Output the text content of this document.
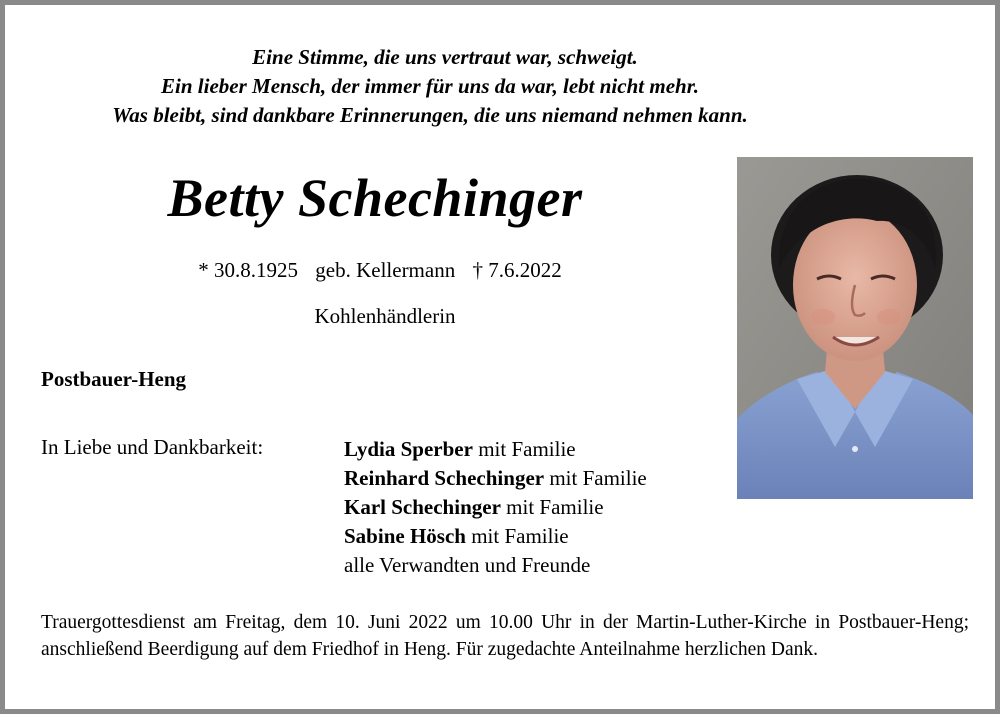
Eine Stimme, die uns vertraut war, schweigt.
Ein lieber Mensch, der immer für uns da war, lebt nicht mehr.
Was bleibt, sind dankbare Erinnerungen, die uns niemand nehmen kann.
Betty Schechinger
* 30.8.1925 geb. Kellermann † 7.6.2022
Kohlenhändlerin
Postbauer-Heng
In Liebe und Dankbarkeit:	Lydia Sperber mit Familie
Reinhard Schechinger mit Familie
Karl Schechinger mit Familie
Sabine Hösch mit Familie
alle Verwandten und Freunde
Trauergottesdienst am Freitag, dem 10. Juni 2022 um 10.00 Uhr in der Martin-Luther-Kirche in Postbauer-Heng; anschließend Beerdigung auf dem Friedhof in Heng. Für zugedachte Anteilnahme herzlichen Dank.
